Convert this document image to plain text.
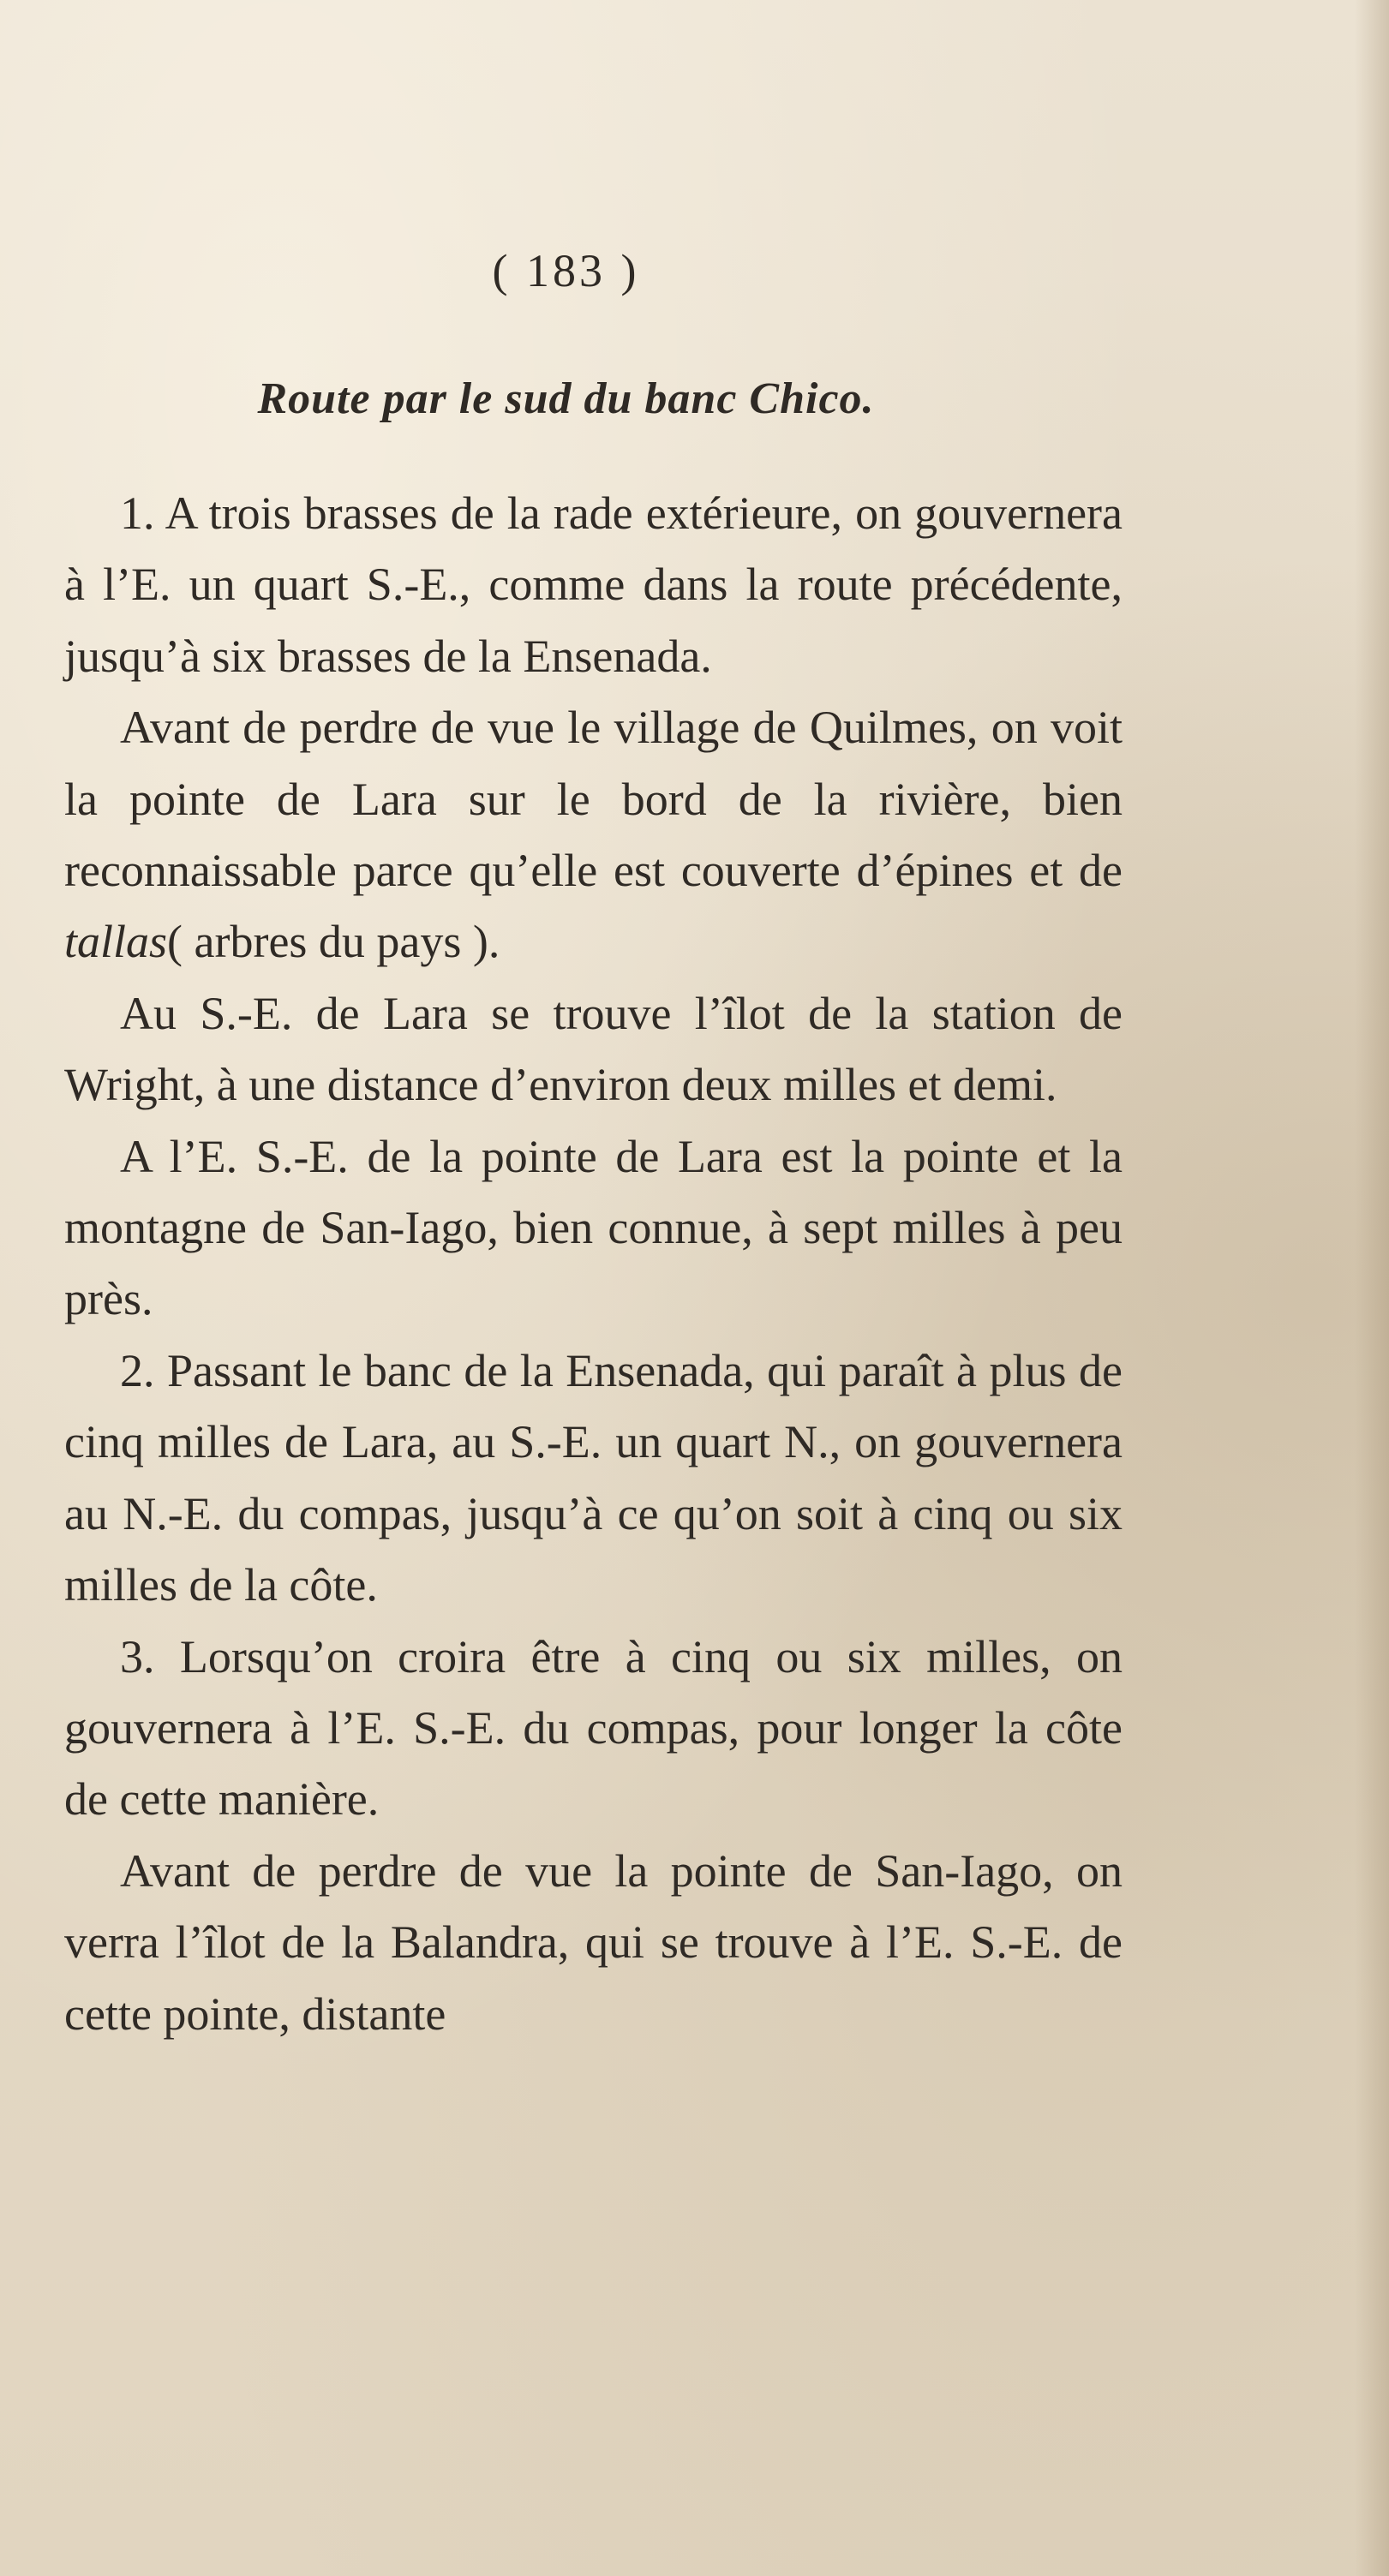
( 183 )
Route par le sud du banc Chico.

1. A trois brasses de la rade extérieure, on gouvernera à l’E. un quart S.-E., comme dans la route précédente, jusqu’à six brasses de la Ensenada.

Avant de perdre de vue le village de Quilmes, on voit la pointe de Lara sur le bord de la rivière, bien reconnaissable parce qu’elle est couverte d’épines et de tallas( arbres du pays ).

Au S.-E. de Lara se trouve l’îlot de la station de Wright, à une distance d’environ deux milles et demi.

A l’E. S.-E. de la pointe de Lara est la pointe et la montagne de San-Iago, bien connue, à sept milles à peu près.

2. Passant le banc de la Ensenada, qui paraît à plus de cinq milles de Lara, au S.-E. un quart N., on gouvernera au N.-E. du compas, jusqu’à ce qu’on soit à cinq ou six milles de la côte.

3. Lorsqu’on croira être à cinq ou six milles, on gouvernera à l’E. S.-E. du compas, pour longer la côte de cette manière.

Avant de perdre de vue la pointe de San-Iago, on verra l’îlot de la Balandra, qui se trouve à l’E. S.-E. de cette pointe, distante
